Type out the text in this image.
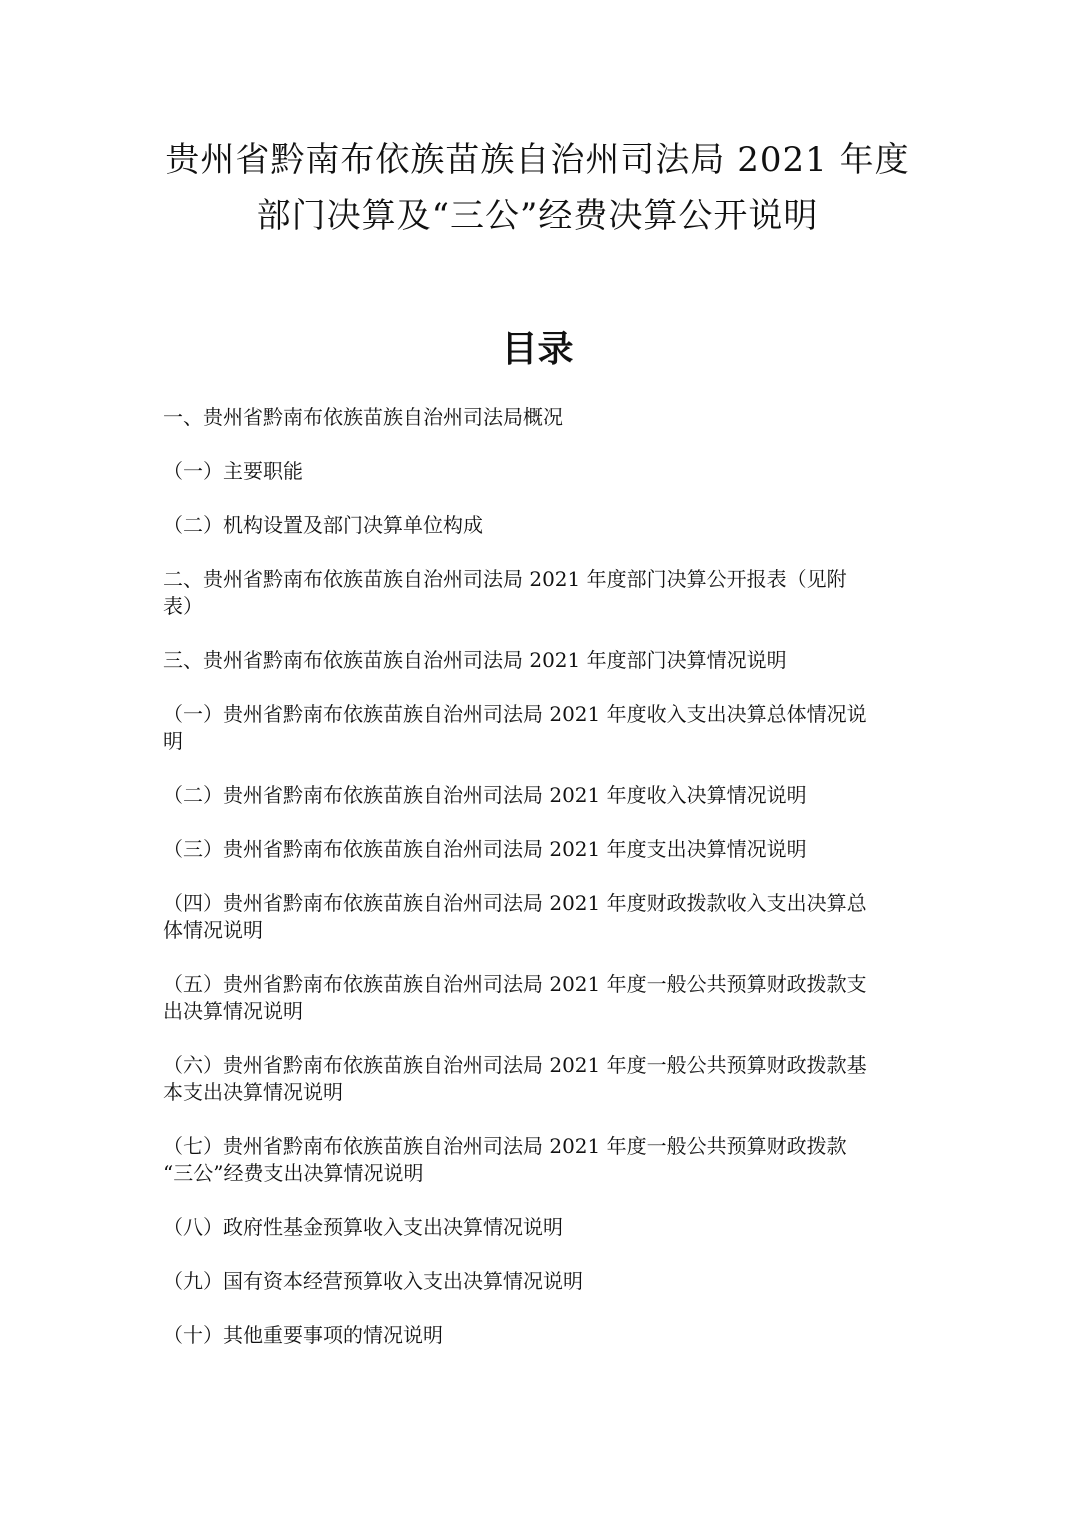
贵州省黔南布依族苗族自治州司法局 2021 年度
部门决算及“三公”经费决算公开说明
目录
一、贵州省黔南布依族苗族自治州司法局概况
（一）主要职能
（二）机构设置及部门决算单位构成
二、贵州省黔南布依族苗族自治州司法局 2021 年度部门决算公开报表（见附
表）
三、贵州省黔南布依族苗族自治州司法局 2021 年度部门决算情况说明
（一）贵州省黔南布依族苗族自治州司法局 2021 年度收入支出决算总体情况说
明
（二）贵州省黔南布依族苗族自治州司法局 2021 年度收入决算情况说明
（三）贵州省黔南布依族苗族自治州司法局 2021 年度支出决算情况说明
（四）贵州省黔南布依族苗族自治州司法局 2021 年度财政拨款收入支出决算总
体情况说明
（五）贵州省黔南布依族苗族自治州司法局 2021 年度一般公共预算财政拨款支
出决算情况说明
（六）贵州省黔南布依族苗族自治州司法局 2021 年度一般公共预算财政拨款基
本支出决算情况说明
（七）贵州省黔南布依族苗族自治州司法局 2021 年度一般公共预算财政拨款
“三公”经费支出决算情况说明
（八）政府性基金预算收入支出决算情况说明
（九）国有资本经营预算收入支出决算情况说明
（十）其他重要事项的情况说明
